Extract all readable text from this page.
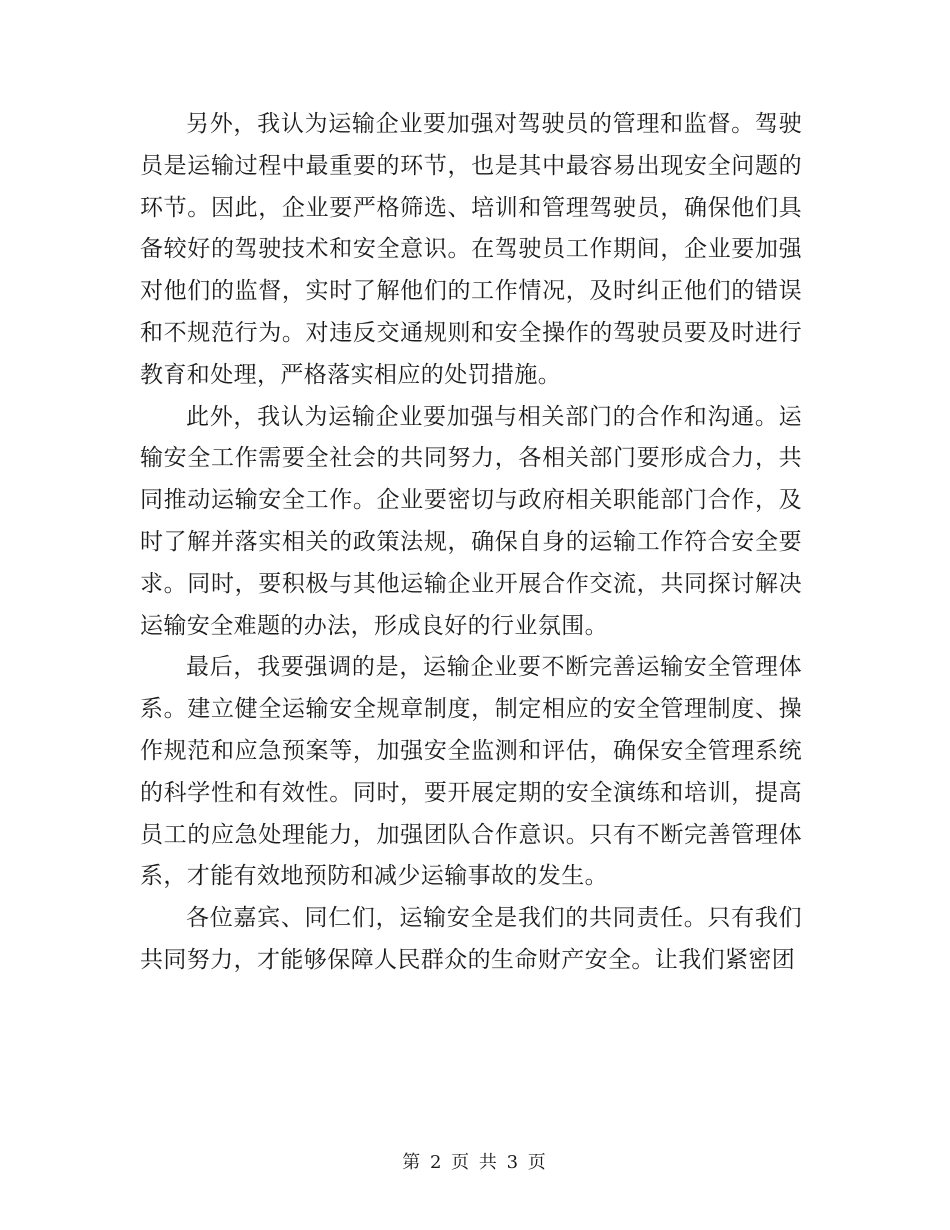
另外，我认为运输企业要加强对驾驶员的管理和监督。驾驶员是运输过程中最重要的环节，也是其中最容易出现安全问题的环节。因此，企业要严格筛选、培训和管理驾驶员，确保他们具备较好的驾驶技术和安全意识。在驾驶员工作期间，企业要加强对他们的监督，实时了解他们的工作情况，及时纠正他们的错误和不规范行为。对违反交通规则和安全操作的驾驶员要及时进行教育和处理，严格落实相应的处罚措施。

此外，我认为运输企业要加强与相关部门的合作和沟通。运输安全工作需要全社会的共同努力，各相关部门要形成合力，共同推动运输安全工作。企业要密切与政府相关职能部门合作，及时了解并落实相关的政策法规，确保自身的运输工作符合安全要求。同时，要积极与其他运输企业开展合作交流，共同探讨解决运输安全难题的办法，形成良好的行业氛围。

最后，我要强调的是，运输企业要不断完善运输安全管理体系。建立健全运输安全规章制度，制定相应的安全管理制度、操作规范和应急预案等，加强安全监测和评估，确保安全管理系统的科学性和有效性。同时，要开展定期的安全演练和培训，提高员工的应急处理能力，加强团队合作意识。只有不断完善管理体系，才能有效地预防和减少运输事故的发生。

各位嘉宾、同仁们，运输安全是我们的共同责任。只有我们共同努力，才能够保障人民群众的生命财产安全。让我们紧密团

第 2 页 共 3 页
